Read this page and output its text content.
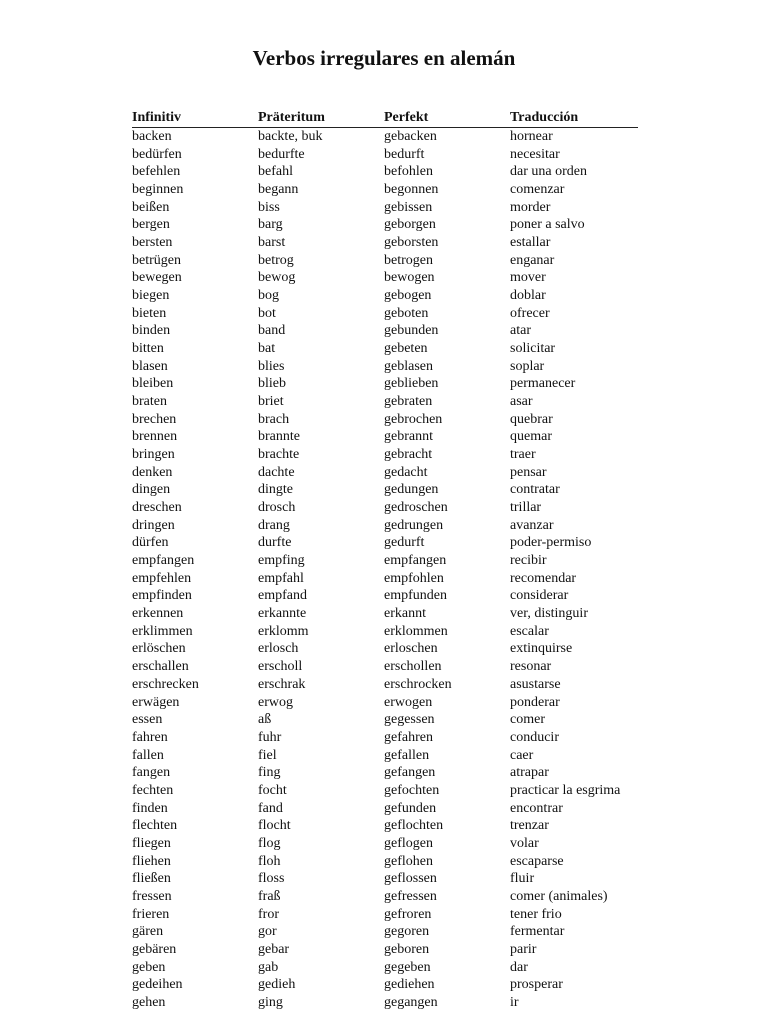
Verbos irregulares en alemán
Infinitiv	Präteritum	Perfekt	Traducción
backen	backte, buk	gebacken	hornear
bedürfen	bedurfte	bedurft	necesitar
befehlen	befahl	befohlen	dar una orden
beginnen	begann	begonnen	comenzar
beißen	biss	gebissen	morder
bergen	barg	geborgen	poner a salvo
bersten	barst	geborsten	estallar
betrügen	betrog	betrogen	enganar
bewegen	bewog	bewogen	mover
biegen	bog	gebogen	doblar
bieten	bot	geboten	ofrecer
binden	band	gebunden	atar
bitten	bat	gebeten	solicitar
blasen	blies	geblasen	soplar
bleiben	blieb	geblieben	permanecer
braten	briet	gebraten	asar
brechen	brach	gebrochen	quebrar
brennen	brannte	gebrannt	quemar
bringen	brachte	gebracht	traer
denken	dachte	gedacht	pensar
dingen	dingte	gedungen	contratar
dreschen	drosch	gedroschen	trillar
dringen	drang	gedrungen	avanzar
dürfen	durfte	gedurft	poder-permiso
empfangen	empfing	empfangen	recibir
empfehlen	empfahl	empfohlen	recomendar
empfinden	empfand	empfunden	considerar
erkennen	erkannte	erkannt	ver, distinguir
erklimmen	erklomm	erklommen	escalar
erlöschen	erlosch	erloschen	extinquirse
erschallen	erscholl	erschollen	resonar
erschrecken	erschrak	erschrocken	asustarse
erwägen	erwog	erwogen	ponderar
essen	aß	gegessen	comer
fahren	fuhr	gefahren	conducir
fallen	fiel	gefallen	caer
fangen	fing	gefangen	atrapar
fechten	focht	gefochten	practicar la esgrima
finden	fand	gefunden	encontrar
flechten	flocht	geflochten	trenzar
fliegen	flog	geflogen	volar
fliehen	floh	geflohen	escaparse
fließen	floss	geflossen	fluir
fressen	fraß	gefressen	comer (animales)
frieren	fror	gefroren	tener frio
gären	gor	gegoren	fermentar
gebären	gebar	geboren	parir
geben	gab	gegeben	dar
gedeihen	gedieh	gediehen	prosperar
gehen	ging	gegangen	ir
